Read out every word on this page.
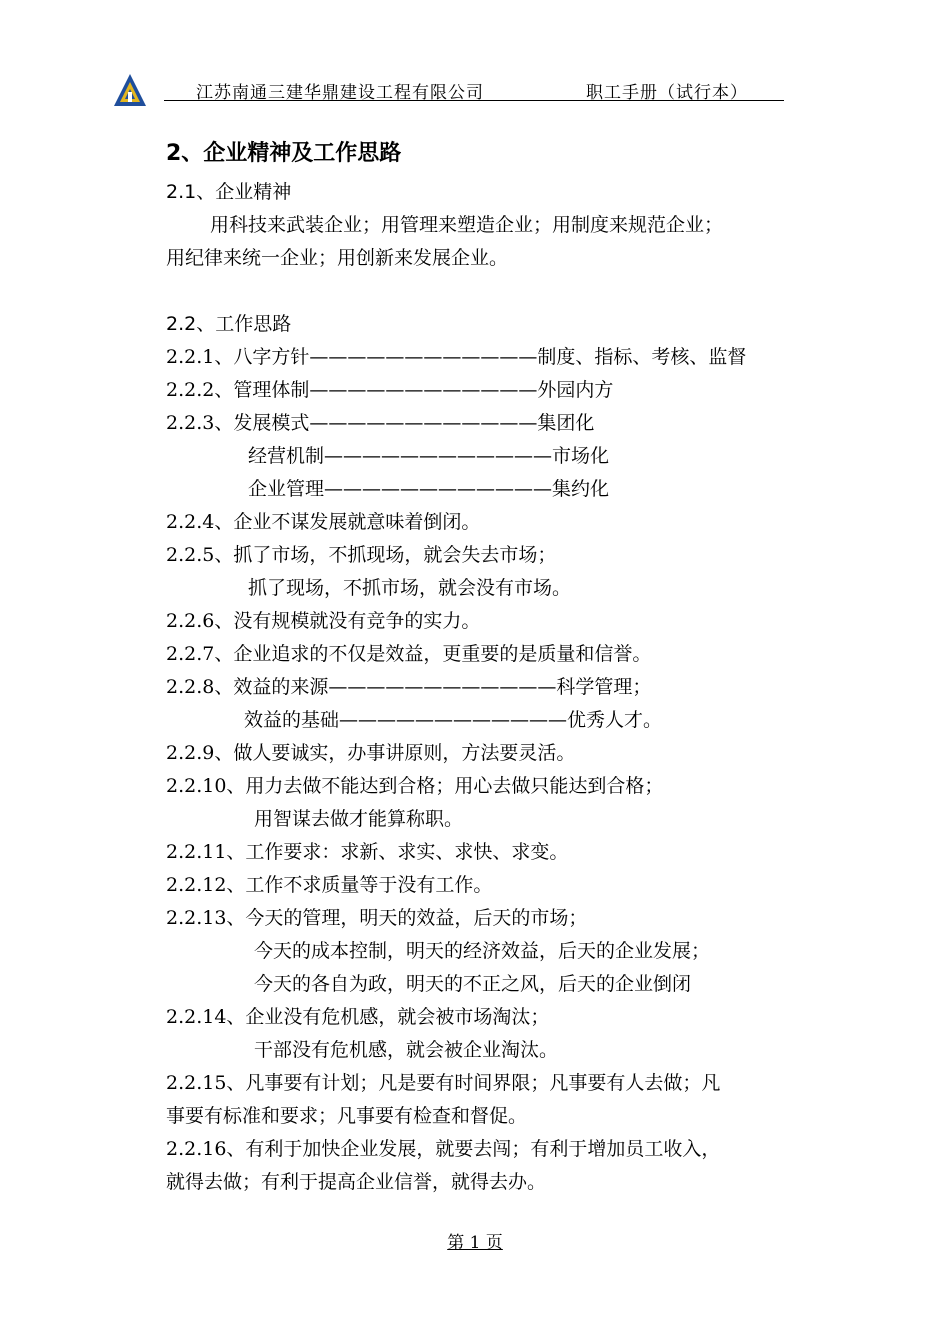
江苏南通三建华鼎建设工程有限公司	职工手册（试行本）
2、企业精神及工作思路
2.1、企业精神
用科技来武装企业；用管理来塑造企业；用制度来规范企业；
用纪律来统一企业；用创新来发展企业。
2.2、工作思路
2.2.1、八字方针————————————制度、指标、考核、监督
2.2.2、管理体制————————————外园内方
2.2.3、发展模式————————————集团化
经营机制————————————市场化
企业管理————————————集约化
2.2.4、企业不谋发展就意味着倒闭。
2.2.5、抓了市场，不抓现场，就会失去市场；
抓了现场，不抓市场，就会没有市场。
2.2.6、没有规模就没有竞争的实力。
2.2.7、企业追求的不仅是效益，更重要的是质量和信誉。
2.2.8、效益的来源————————————科学管理；
效益的基础————————————优秀人才。
2.2.9、做人要诚实，办事讲原则，方法要灵活。
2.2.10、用力去做不能达到合格；用心去做只能达到合格；
用智谋去做才能算称职。
2.2.11、工作要求：求新、求实、求快、求变。
2.2.12、工作不求质量等于没有工作。
2.2.13、今天的管理，明天的效益，后天的市场；
今天的成本控制，明天的经济效益，后天的企业发展；
今天的各自为政，明天的不正之风，后天的企业倒闭
2.2.14、企业没有危机感，就会被市场淘汰；
干部没有危机感，就会被企业淘汰。
2.2.15、凡事要有计划；凡是要有时间界限；凡事要有人去做；凡
事要有标准和要求；凡事要有检查和督促。
2.2.16、有利于加快企业发展，就要去闯；有利于增加员工收入，
就得去做；有利于提高企业信誉，就得去办。
第 1 页
